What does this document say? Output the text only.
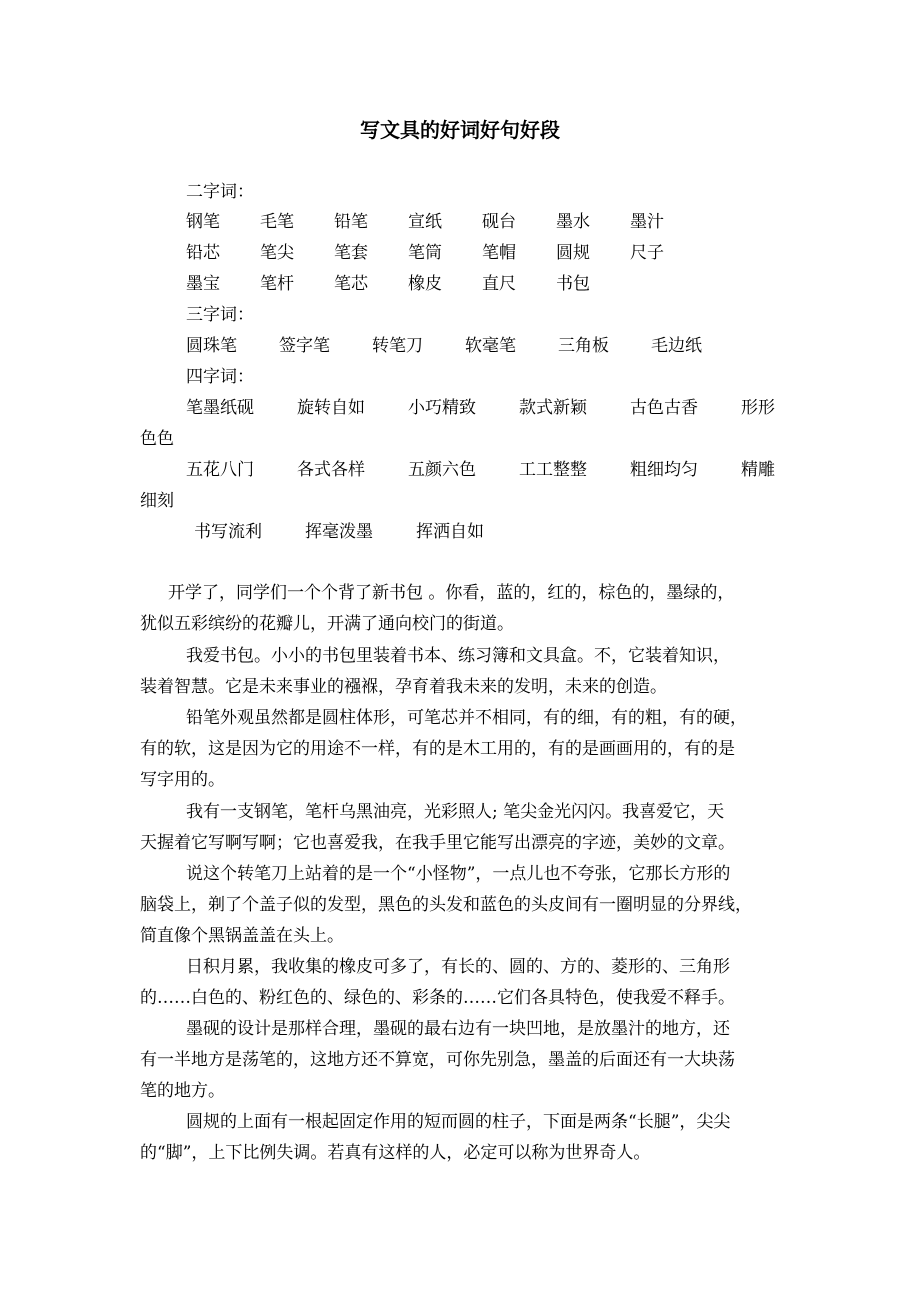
写文具的好词好句好段
二字词：
钢笔 毛笔 铅笔 宣纸 砚台 墨水 墨汁
铅芯 笔尖 笔套 笔筒 笔帽 圆规 尺子
墨宝 笔杆 笔芯 橡皮 直尺 书包
三字词：
圆珠笔 签字笔 转笔刀 软毫笔 三角板 毛边纸
四字词：
笔墨纸砚	旋转自如	小巧精致	款式新颖	古色古香	形形
色色
五花八门	各式各样	五颜六色	工工整整	粗细均匀	精雕
细刻
书写流利	挥毫泼墨	挥洒自如
开学了，同学们一个个背了新书包 。你看，蓝的，红的，棕色的，墨绿的，
犹似五彩缤纷的花瓣儿，开满了通向校门的街道。
我爱书包。小小的书包里装着书本、练习簿和文具盒。不，它装着知识，
装着智慧。它是未来事业的襁褓，孕育着我未来的发明，未来的创造。
铅笔外观虽然都是圆柱体形，可笔芯并不相同，有的细，有的粗，有的硬，
有的软，这是因为它的用途不一样，有的是木工用的，有的是画画用的，有的是
写字用的。
我有一支钢笔，笔杆乌黑油亮，光彩照人; 笔尖金光闪闪。我喜爱它，天
天握着它写啊写啊；它也喜爱我，在我手里它能写出漂亮的字迹，美妙的文章。
说这个转笔刀上站着的是一个“小怪物”，一点儿也不夸张，它那长方形的
脑袋上，剃了个盖子似的发型，黑色的头发和蓝色的头皮间有一圈明显的分界线，
简直像个黑锅盖盖在头上。
日积月累，我收集的橡皮可多了，有长的、圆的、方的、菱形的、三角形
的……白色的、粉红色的、绿色的、彩条的……它们各具特色，使我爱不释手。
墨砚的设计是那样合理，墨砚的最右边有一块凹地，是放墨汁的地方，还
有一半地方是荡笔的，这地方还不算宽，可你先别急，墨盖的后面还有一大块荡
笔的地方。
圆规的上面有一根起固定作用的短而圆的柱子，下面是两条“长腿”，尖尖
的“脚”，上下比例失调。若真有这样的人，必定可以称为世界奇人。
